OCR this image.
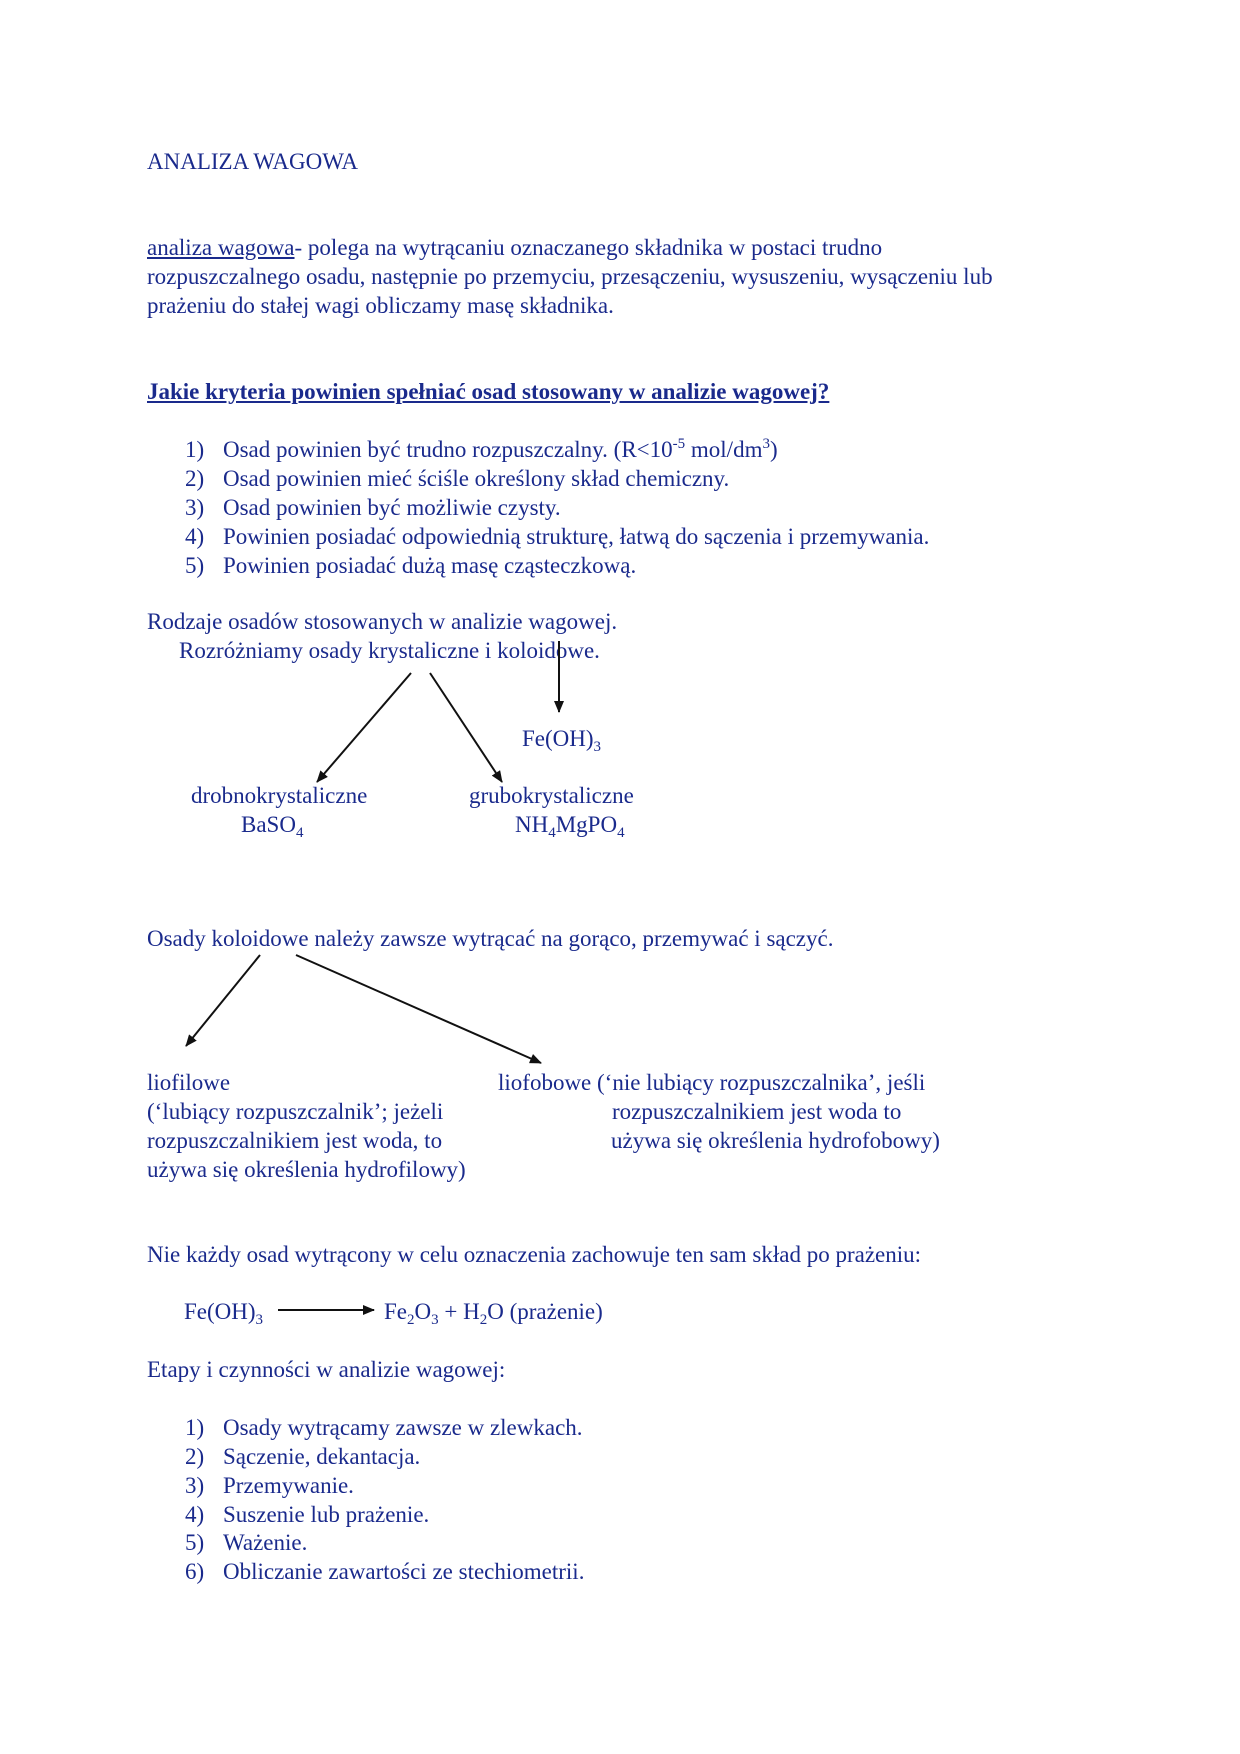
ANALIZA WAGOWA

analiza wagowa- polega na wytrącaniu oznaczanego składnika w postaci trudno

rozpuszczalnego osadu, następnie po przemyciu, przesączeniu, wysuszeniu, wysączeniu lub

prażeniu do stałej wagi obliczamy masę składnika.

Jakie kryteria powinien spełniać osad stosowany w analizie wagowej?

1) Osad powinien być trudno rozpuszczalny. ($R<10^{-5}$ mol/$dm^3$)

2) Osad powinien mieć ściśle określony skład chemiczny.

3) Osad powinien być możliwie czysty.

4) Powinien posiadać odpowiednią strukturę, łatwą do sączenia i przemywania.

5) Powinien posiadać dużą masę cząsteczkową.

Rodzaje osadów stosowanych w analizie wagowej.

Rozróżniamy osady krystaliczne i koloidowe.

$Fe(OH)_3$

drobnokrystaliczne

BaSO$_4$

grubokrystaliczne

$NH_4MgPO_4$

Osady koloidowe należy zawsze wytrącać na gorąco, przemywać i sączyć.

liofilowe

(‘lubiący rozpuszczalnik’; jeżeli

rozpuszczalnikiem jest woda, to

używa się określenia hydrofilowy)

liofobowe (‘nie lubiący rozpuszczalnika’, jeśli

rozpuszczalnikiem jest woda to

używa się określenia hydrofobowy)

Nie każdy osad wytrącony w celu oznaczenia zachowuje ten sam skład po prażeniu:

$Fe(OH)_3$	$Fe_2O_3 + H_2O$ (prażenie)

Etapy i czynności w analizie wagowej:

1) Osady wytrącamy zawsze w zlewkach.

2) Sączenie, dekantacja.

3) Przemywanie.

4) Suszenie lub prażenie.

5) Ważenie.

6) Obliczanie zawartości ze stechiometrii.
